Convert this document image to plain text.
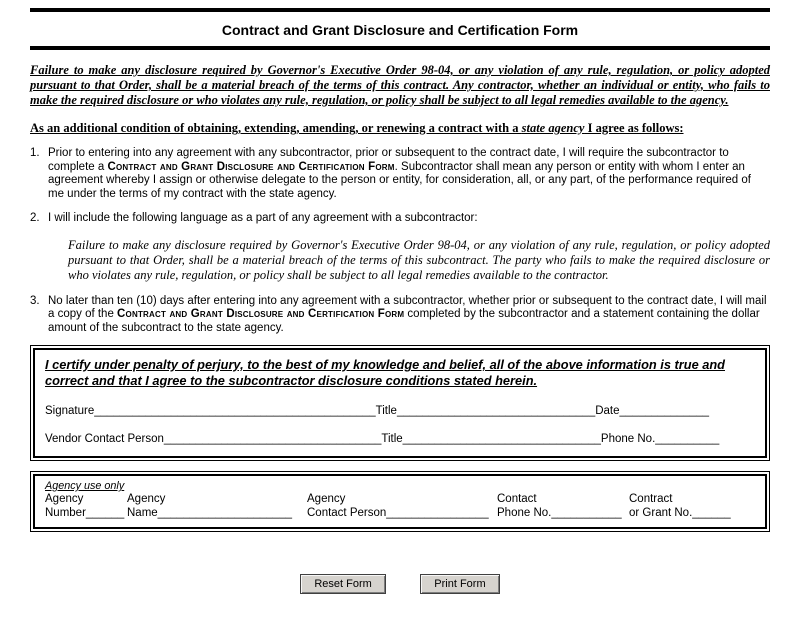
Contract and Grant Disclosure and Certification Form

Failure to make any disclosure required by Governor's Executive Order 98-04, or any violation of any rule, regulation, or policy adopted pursuant to that Order, shall be a material breach of the terms of this contract. Any contractor, whether an individual or entity, who fails to make the required disclosure or who violates any rule, regulation, or policy shall be subject to all legal remedies available to the agency.

As an additional condition of obtaining, extending, amending, or renewing a contract with a state agency I agree as follows:

1. Prior to entering into any agreement with any subcontractor, prior or subsequent to the contract date, I will require the subcontractor to complete a Contract and Grant Disclosure and Certification Form. Subcontractor shall mean any person or entity with whom I enter an agreement whereby I assign or otherwise delegate to the person or entity, for consideration, all, or any part, of the performance required of me under the terms of my contract with the state agency.
2. I will include the following language as a part of any agreement with a subcontractor:

Failure to make any disclosure required by Governor's Executive Order 98-04, or any violation of any rule, regulation, or policy adopted pursuant to that Order, shall be a material breach of the terms of this subcontract. The party who fails to make the required disclosure or who violates any rule, regulation, or policy shall be subject to all legal remedies available to the contractor.

3. No later than ten (10) days after entering into any agreement with a subcontractor, whether prior or subsequent to the contract date, I will mail a copy of the Contract and Grant Disclosure and Certification Form completed by the subcontractor and a statement containing the dollar amount of the subcontract to the state agency.
I certify under penalty of perjury, to the best of my knowledge and belief, all of the above information is true and correct and that I agree to the subcontractor disclosure conditions stated herein.
Signature____________________________________________Title_______________________________Date______________
Vendor Contact Person__________________________________Title_______________________________Phone No.__________
Agency use only
Agency
Number______
Agency
Name_____________________
Agency
Contact Person________________
Contact
Phone No.___________
Contract
or Grant No.______
Reset Form	Print Form
